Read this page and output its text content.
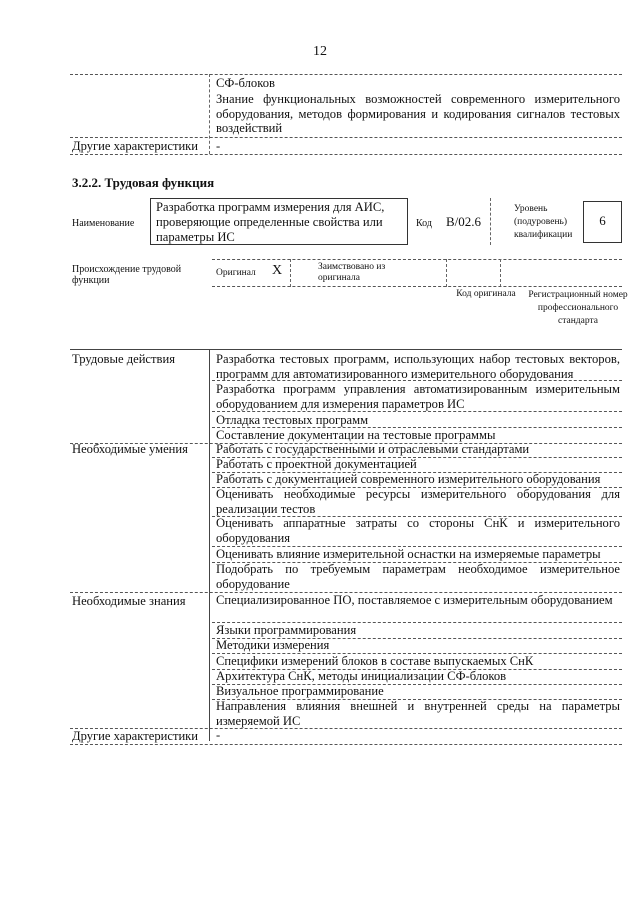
12
СФ-блоков
Знание функциональных возможностей современного измерительного оборудования, методов формирования и кодирования сигналов тестовых воздействий
Другие характеристики -
3.2.2. Трудовая функция
Наименование
Разработка программ измерения для АИС, проверяющие определенные свойства или параметры ИС
Код B/02.6
Уровень (подуровень) квалификации
6
Происхождение трудовой функции
Оригинал X	Заимствовано из оригинала
Код оригинала Регистрационный номер профессионального стандарта
Трудовые действия	Разработка тестовых программ, использующих набор тестовых векторов, программ для автоматизированного измерительного оборудования
Разработка программ управления автоматизированным измерительным оборудованием для измерения параметров ИС
Отладка тестовых программ
Составление документации на тестовые программы
Необходимые умения Работать с государственными и отраслевыми стандартами
Работать с проектной документацией
Работать с документацией современного измерительного оборудования
Оценивать необходимые ресурсы измерительного оборудования для реализации тестов
Оценивать аппаратные затраты со стороны СнК и измерительного оборудования
Оценивать влияние измерительной оснастки на измеряемые параметры
Подобрать по требуемым параметрам необходимое измерительное оборудование
Необходимые знания Специализированное ПО, поставляемое с измерительным оборудованием
Языки программирования
Методики измерения
Специфики измерений блоков в составе выпускаемых СнК
Архитектура СнК, методы инициализации СФ-блоков
Визуальное программирование
Направления влияния внешней и внутренней среды на параметры измеряемой ИС
Другие характеристики -
